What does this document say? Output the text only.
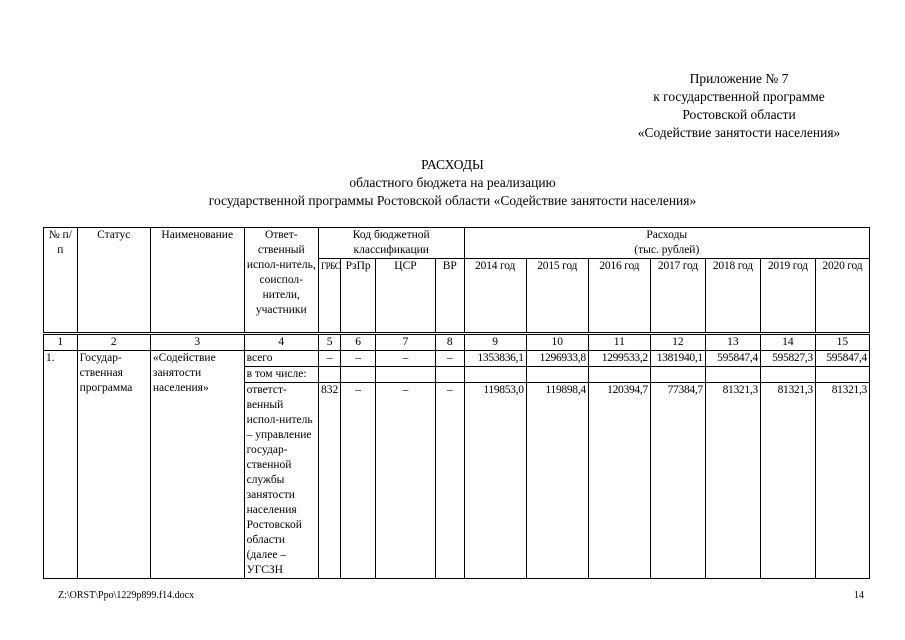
Приложение № 7
к государственной программе
Ростовской области
«Содействие занятости населения»
РАСХОДЫ
областного бюджета на реализацию
государственной программы Ростовской области «Содействие занятости населения»
№ п/п	Статус	Наименование	Ответ-ственный испол-нитель, соиспол-нители, участники	Код бюджетной классификации				Расходы
(тыс. рублей)						

				ГРБС	РзПр	ЦСР	ВР	2014 год	2015 год	2016 год	2017 год	2018 год	2019 год	2020 год
1	2	3	4	5	6	7	8	9	10	11	12	13	14	15
1.	Государ-ственная программа	«Содействие занятости населения»	всего	–	–	–	–	1353836,1	1296933,8	1299533,2	1381940,1	595847,4	595827,3	595847,4
			в том числе:											
			ответст-венный испол-нитель – управление государ-ственной службы занятости населения Ростовской области (далее – УГСЗН	832	–	–	–	119853,0	119898,4	120394,7	77384,7	81321,3	81321,3	81321,3
Z:\ORST\Ppo\1229p899.f14.docx	14
